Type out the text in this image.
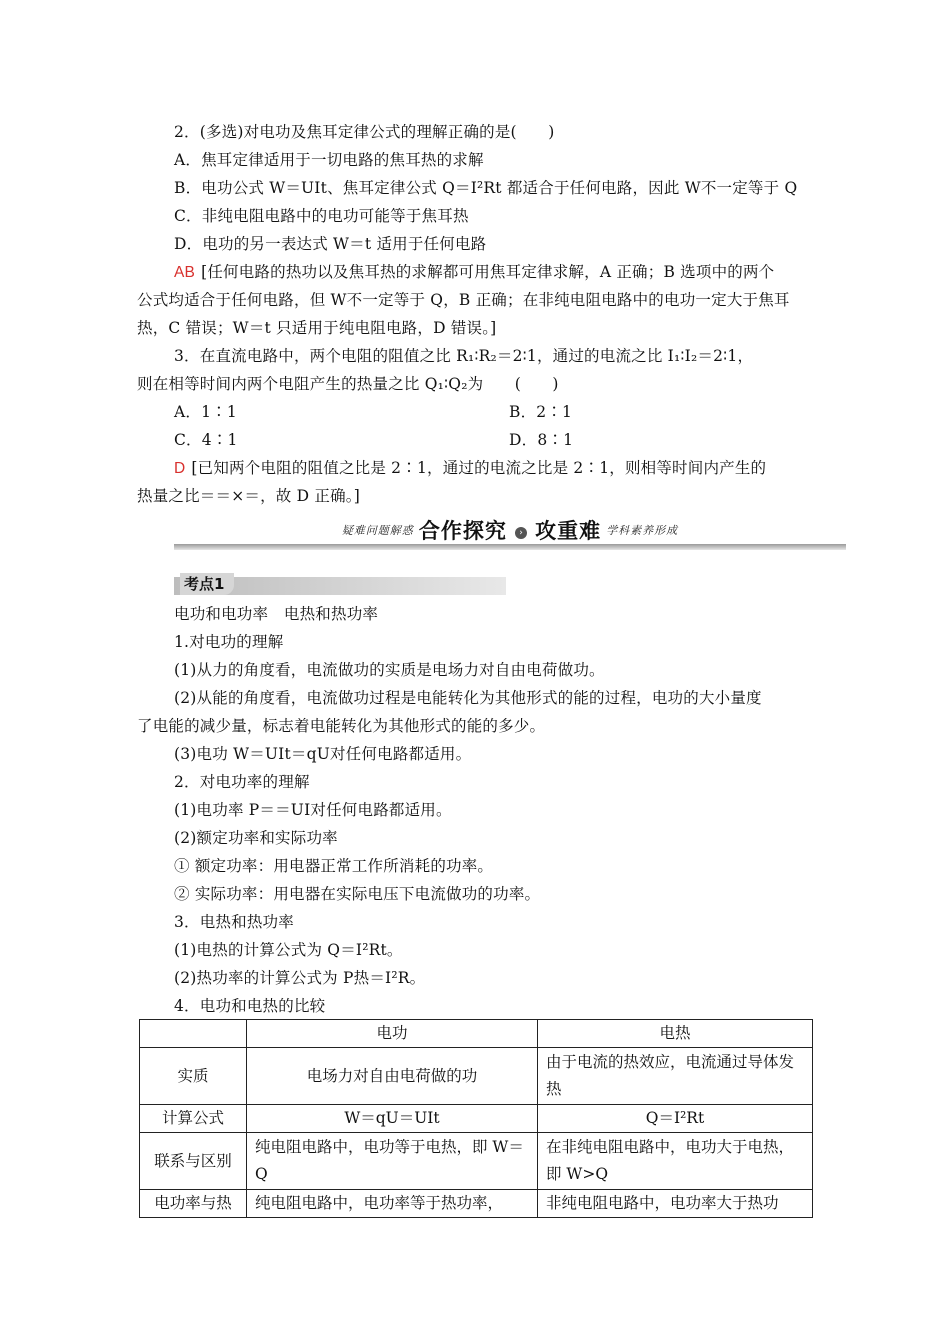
2．(多选)对电功及焦耳定律公式的理解正确的是(　　)
A．焦耳定律适用于一切电路的焦耳热的求解
B．电功公式 W＝UIt、焦耳定律公式 Q＝I²Rt 都适合于任何电路，因此 W不一定等于 Q
C．非纯电阻电路中的电功可能等于焦耳热
D．电功的另一表达式 W＝t 适用于任何电路
AB [任何电路的热功以及焦耳热的求解都可用焦耳定律求解，A 正确；B 选项中的两个
公式均适合于任何电路，但 W不一定等于 Q，B 正确；在非纯电阻电路中的电功一定大于焦耳
热，C 错误；W＝t 只适用于纯电阻电路，D 错误。]
3．在直流电路中，两个电阻的阻值之比 R₁∶R₂＝2∶1，通过的电流之比 I₁∶I₂＝2∶1，
则在相等时间内两个电阻产生的热量之比 Q₁∶Q₂为　　(　　)
A．1∶1	B．2∶1
C．4∶1	D．8∶1
D [已知两个电阻的阻值之比是 2∶1，通过的电流之比是 2∶1，则相等时间内产生的
热量之比＝＝×＝，故 D 正确。]
$^{疑难问题解惑}$ 合作探究 › 攻重难 $^{学科素养形成}$
考点1
电功和电功率　电热和热功率
1.对电功的理解
(1)从力的角度看，电流做功的实质是电场力对自由电荷做功。
(2)从能的角度看，电流做功过程是电能转化为其他形式的能的过程，电功的大小量度
了电能的减少量，标志着电能转化为其他形式的能的多少。
(3)电功 W＝UIt＝qU对任何电路都适用。
2．对电功率的理解
(1)电功率 P＝＝UI对任何电路都适用。
(2)额定功率和实际功率
① 额定功率：用电器正常工作所消耗的功率。
② 实际功率：用电器在实际电压下电流做功的功率。
3．电热和热功率
(1)电热的计算公式为 Q＝I²Rt。
(2)热功率的计算公式为 P热＝I²R。
4．电功和电热的比较
	电功	电热
实质	电场力对自由电荷做的功	由于电流的热效应，电流通过导体发热
计算公式	W＝qU＝UIt	Q＝I²Rt
联系与区别	纯电阻电路中，电功等于电热，即 W＝Q	在非纯电阻电路中，电功大于电热，即 W>Q
电功率与热	纯电阻电路中，电功率等于热功率，	非纯电阻电路中，电功率大于热功
